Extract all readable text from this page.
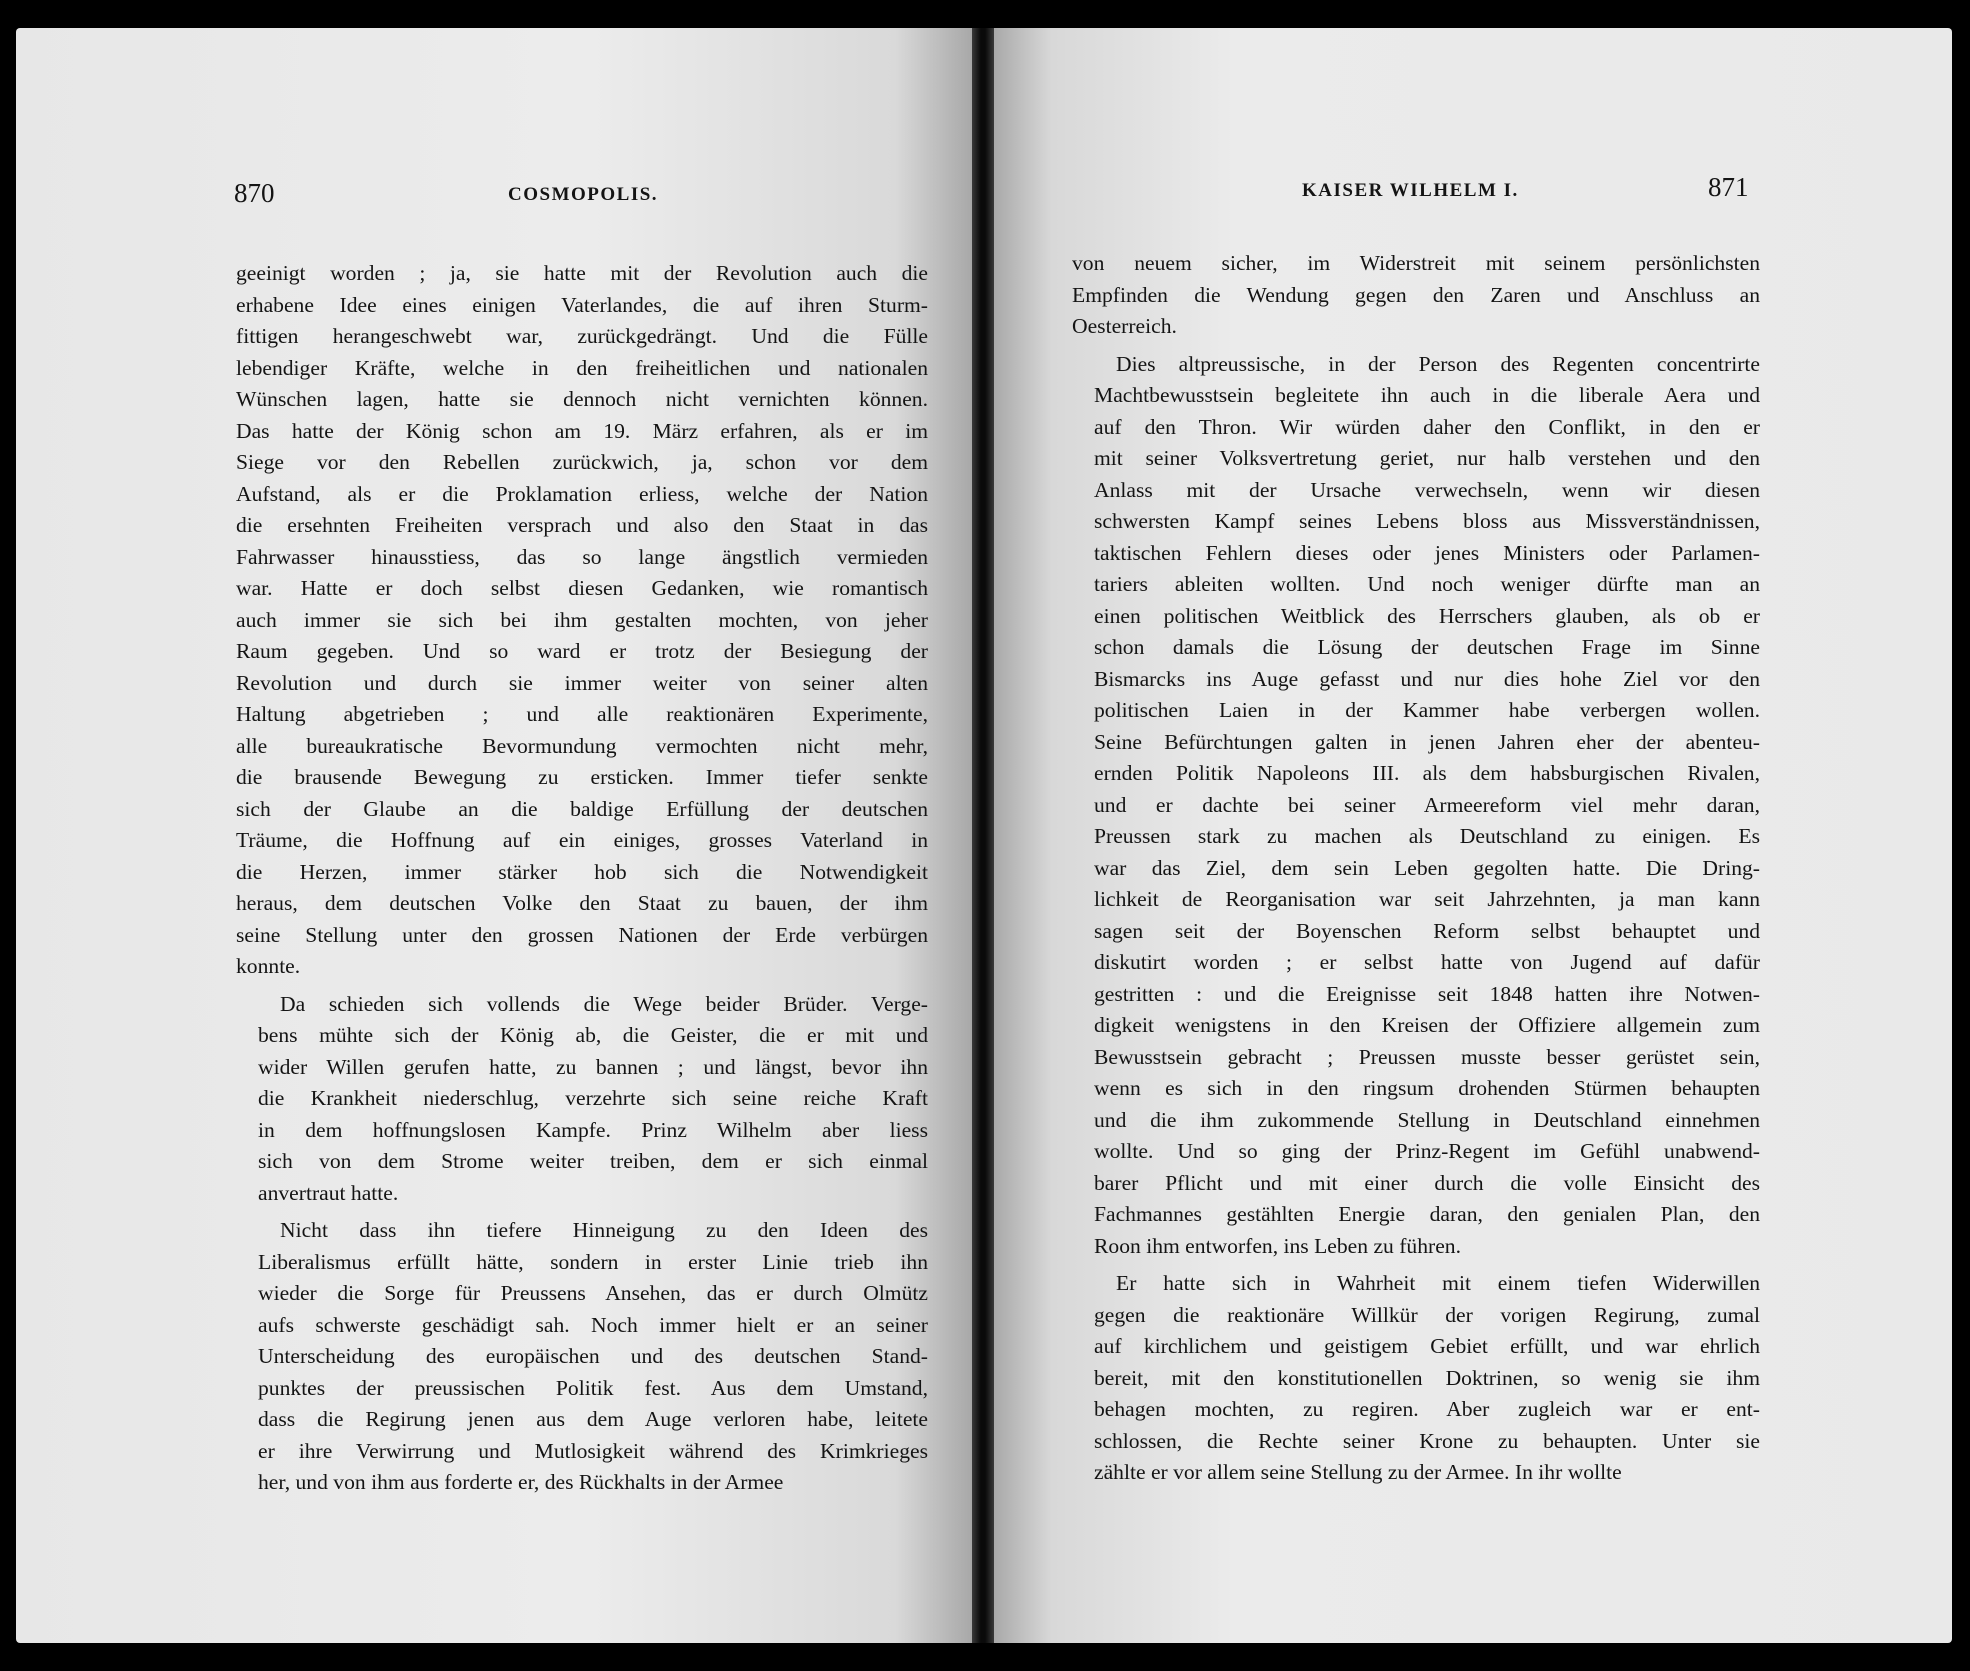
870	COSMOPOLIS.
geeinigt worden ; ja, sie hatte mit der Revolution auch die
erhabene Idee eines einigen Vaterlandes, die auf ihren Sturm-
fittigen herangeschwebt war, zurückgedrängt. Und die Fülle
lebendiger Kräfte, welche in den freiheitlichen und nationalen
Wünschen lagen, hatte sie dennoch nicht vernichten können.
Das hatte der König schon am 19. März erfahren, als er im
Siege vor den Rebellen zurückwich, ja, schon vor dem
Aufstand, als er die Proklamation erliess, welche der Nation
die ersehnten Freiheiten versprach und also den Staat in das
Fahrwasser hinausstiess, das so lange ängstlich vermieden
war. Hatte er doch selbst diesen Gedanken, wie romantisch
auch immer sie sich bei ihm gestalten mochten, von jeher
Raum gegeben. Und so ward er trotz der Besiegung der
Revolution und durch sie immer weiter von seiner alten
Haltung abgetrieben ; und alle reaktionären Experimente,
alle bureaukratische Bevormundung vermochten nicht mehr,
die brausende Bewegung zu ersticken. Immer tiefer senkte
sich der Glaube an die baldige Erfüllung der deutschen
Träume, die Hoffnung auf ein einiges, grosses Vaterland in
die Herzen, immer stärker hob sich die Notwendigkeit
heraus, dem deutschen Volke den Staat zu bauen, der ihm
seine Stellung unter den grossen Nationen der Erde verbürgen
konnte.
Da schieden sich vollends die Wege beider Brüder. Verge-
bens mühte sich der König ab, die Geister, die er mit und
wider Willen gerufen hatte, zu bannen ; und längst, bevor ihn
die Krankheit niederschlug, verzehrte sich seine reiche Kraft
in dem hoffnungslosen Kampfe. Prinz Wilhelm aber liess
sich von dem Strome weiter treiben, dem er sich einmal
anvertraut hatte.
Nicht dass ihn tiefere Hinneigung zu den Ideen des
Liberalismus erfüllt hätte, sondern in erster Linie trieb ihn
wieder die Sorge für Preussens Ansehen, das er durch Olmütz
aufs schwerste geschädigt sah. Noch immer hielt er an seiner
Unterscheidung des europäischen und des deutschen Stand-
punktes der preussischen Politik fest. Aus dem Umstand,
dass die Regirung jenen aus dem Auge verloren habe, leitete
er ihre Verwirrung und Mutlosigkeit während des Krimkrieges
her, und von ihm aus forderte er, des Rückhalts in der Armee
KAISER WILHELM I.	871
von neuem sicher, im Widerstreit mit seinem persönlichsten
Empfinden die Wendung gegen den Zaren und Anschluss an
Oesterreich.
Dies altpreussische, in der Person des Regenten concentrirte
Machtbewusstsein begleitete ihn auch in die liberale Aera und
auf den Thron. Wir würden daher den Conflikt, in den er
mit seiner Volksvertretung geriet, nur halb verstehen und den
Anlass mit der Ursache verwechseln, wenn wir diesen
schwersten Kampf seines Lebens bloss aus Missverständnissen,
taktischen Fehlern dieses oder jenes Ministers oder Parlamen-
tariers ableiten wollten. Und noch weniger dürfte man an
einen politischen Weitblick des Herrschers glauben, als ob er
schon damals die Lösung der deutschen Frage im Sinne
Bismarcks ins Auge gefasst und nur dies hohe Ziel vor den
politischen Laien in der Kammer habe verbergen wollen.
Seine Befürchtungen galten in jenen Jahren eher der abenteu-
ernden Politik Napoleons III. als dem habsburgischen Rivalen,
und er dachte bei seiner Armeereform viel mehr daran,
Preussen stark zu machen als Deutschland zu einigen. Es
war das Ziel, dem sein Leben gegolten hatte. Die Dring-
lichkeit de Reorganisation war seit Jahrzehnten, ja man kann
sagen seit der Boyenschen Reform selbst behauptet und
diskutirt worden ; er selbst hatte von Jugend auf dafür
gestritten : und die Ereignisse seit 1848 hatten ihre Notwen-
digkeit wenigstens in den Kreisen der Offiziere allgemein zum
Bewusstsein gebracht ; Preussen musste besser gerüstet sein,
wenn es sich in den ringsum drohenden Stürmen behaupten
und die ihm zukommende Stellung in Deutschland einnehmen
wollte. Und so ging der Prinz-Regent im Gefühl unabwend-
barer Pflicht und mit einer durch die volle Einsicht des
Fachmannes gestählten Energie daran, den genialen Plan, den
Roon ihm entworfen, ins Leben zu führen.
Er hatte sich in Wahrheit mit einem tiefen Widerwillen
gegen die reaktionäre Willkür der vorigen Regirung, zumal
auf kirchlichem und geistigem Gebiet erfüllt, und war ehrlich
bereit, mit den konstitutionellen Doktrinen, so wenig sie ihm
behagen mochten, zu regiren. Aber zugleich war er ent-
schlossen, die Rechte seiner Krone zu behaupten. Unter sie
zählte er vor allem seine Stellung zu der Armee. In ihr wollte
